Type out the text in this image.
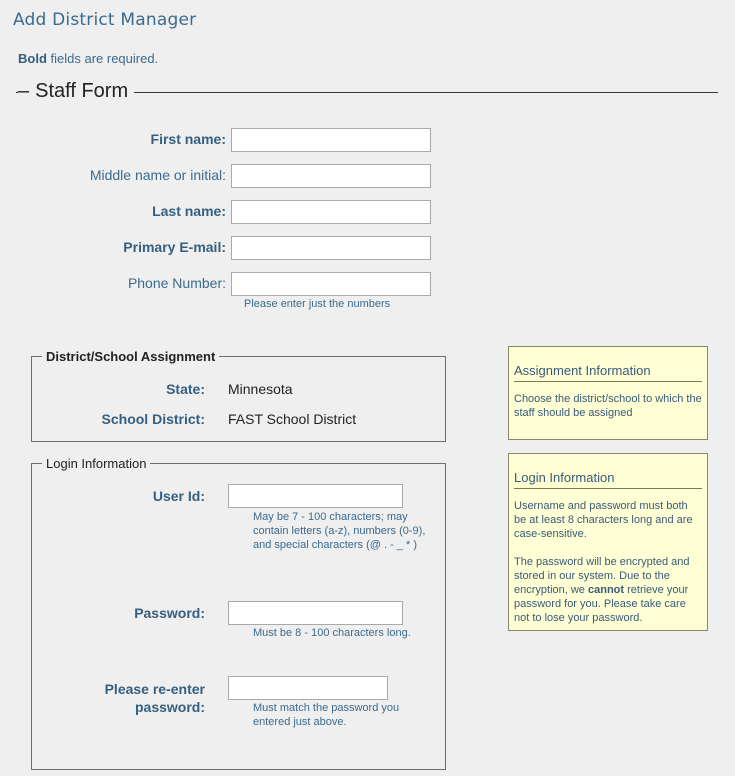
Add District Manager
Bold fields are required.
– Staff Form
First name:
Middle name or initial:
Last name:
Primary E-mail:
Phone Number:
Please enter just the numbers
District/School Assignment
State: Minnesota
School District: FAST School District
Login Information
User Id:
May be 7 - 100 characters; may contain letters (a-z), numbers (0-9), and special characters (@ . - _ * )
Password:
Must be 8 - 100 characters long.
Please re-enter
password:	Must match the password you entered just above.
Assignment Information
Choose the district/school to which the staff should be assigned
Login Information
Username and password must both be at least 8 characters long and are case-sensitive.
The password will be encrypted and stored in our system. Due to the encryption, we cannot retrieve your password for you. Please take care not to lose your password.
